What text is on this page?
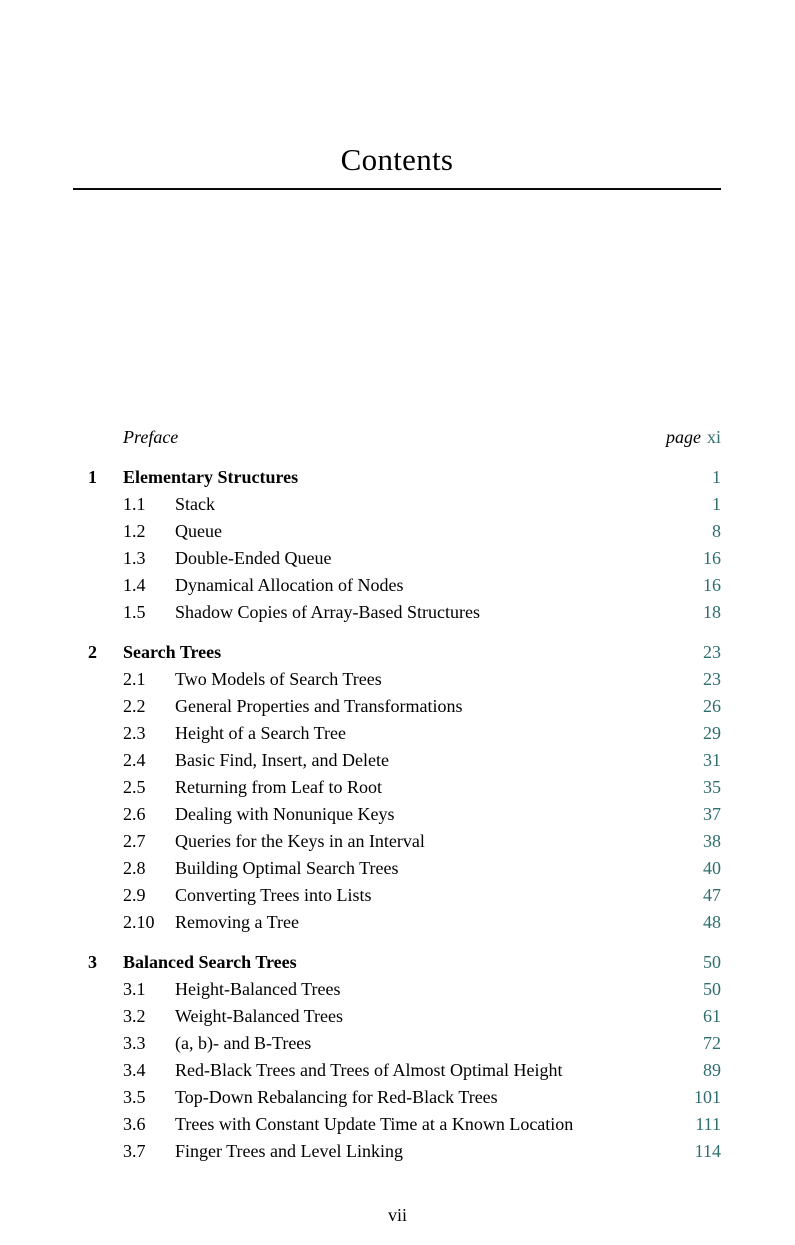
Contents
Preface	page xi
1	Elementary Structures	1
1.1	Stack	1
1.2	Queue	8
1.3	Double-Ended Queue	16
1.4	Dynamical Allocation of Nodes	16
1.5	Shadow Copies of Array-Based Structures	18
2	Search Trees	23
2.1	Two Models of Search Trees	23
2.2	General Properties and Transformations	26
2.3	Height of a Search Tree	29
2.4	Basic Find, Insert, and Delete	31
2.5	Returning from Leaf to Root	35
2.6	Dealing with Nonunique Keys	37
2.7	Queries for the Keys in an Interval	38
2.8	Building Optimal Search Trees	40
2.9	Converting Trees into Lists	47
2.10	Removing a Tree	48
3	Balanced Search Trees	50
3.1	Height-Balanced Trees	50
3.2	Weight-Balanced Trees	61
3.3	(a, b)- and B-Trees	72
3.4	Red-Black Trees and Trees of Almost Optimal Height	89
3.5	Top-Down Rebalancing for Red-Black Trees	101
3.6	Trees with Constant Update Time at a Known Location	111
3.7	Finger Trees and Level Linking	114
vii
